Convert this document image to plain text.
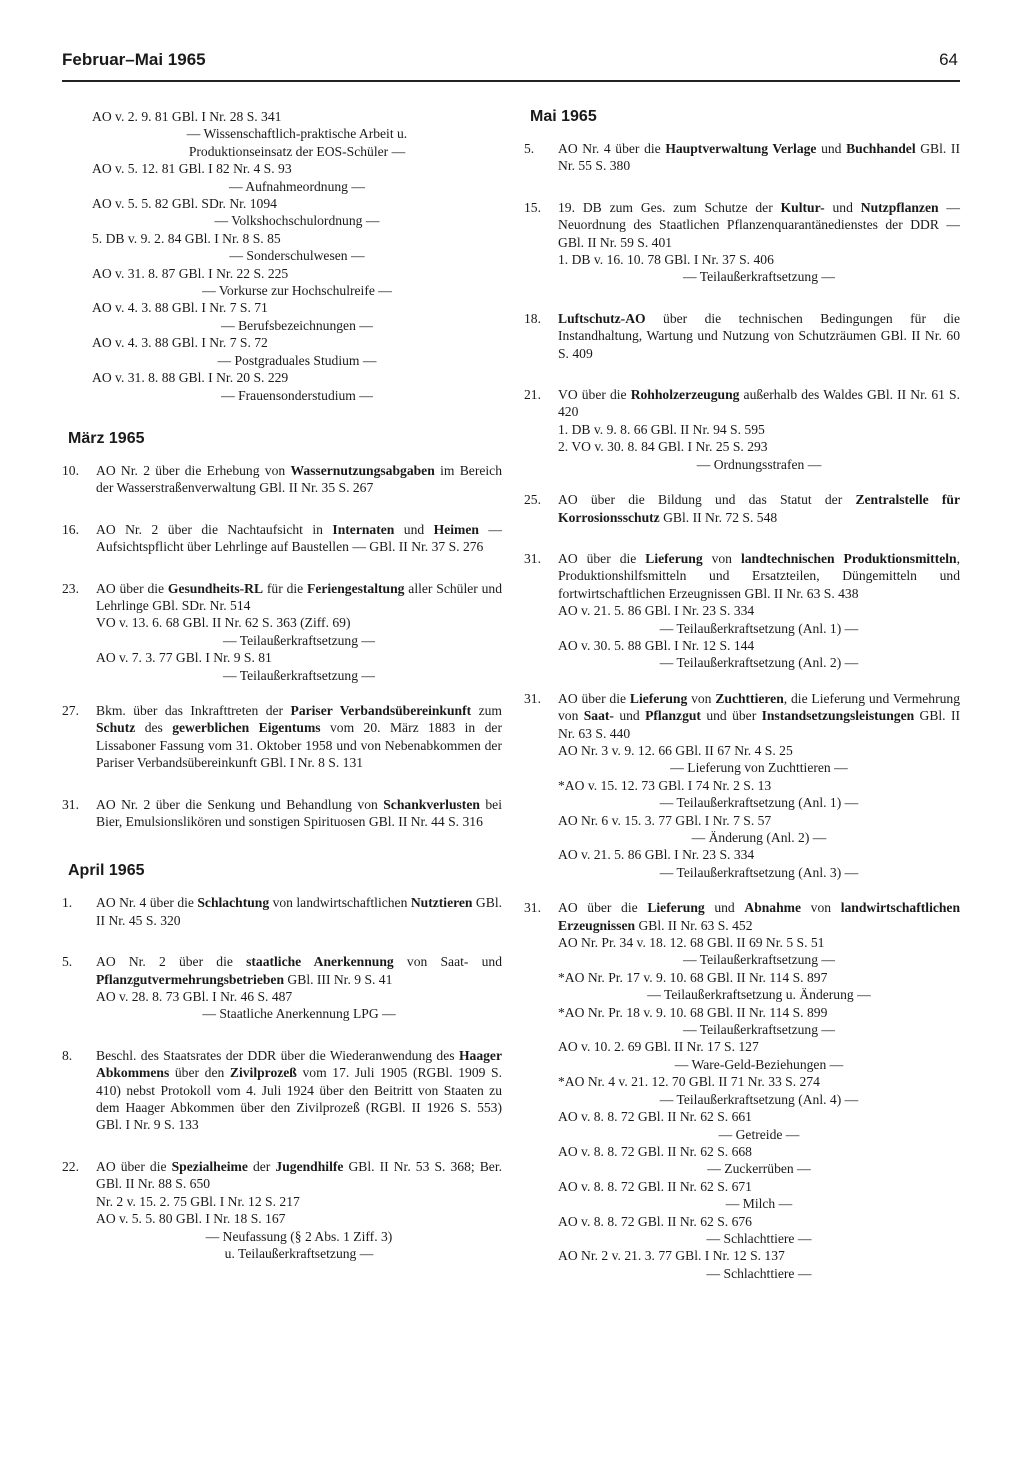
Februar–Mai 1965	64
AO v. 2. 9. 81 GBl. I Nr. 28 S. 341
— Wissenschaftlich-praktische Arbeit u.
Produktionseinsatz der EOS-Schüler —
AO v. 5. 12. 81 GBl. I 82 Nr. 4 S. 93
— Aufnahmeordnung —
AO v. 5. 5. 82 GBl. SDr. Nr. 1094
— Volkshochschulordnung —
5. DB v. 9. 2. 84 GBl. I Nr. 8 S. 85
— Sonderschulwesen —
AO v. 31. 8. 87 GBl. I Nr. 22 S. 225
— Vorkurse zur Hochschulreife —
AO v. 4. 3. 88 GBl. I Nr. 7 S. 71
— Berufsbezeichnungen —
AO v. 4. 3. 88 GBl. I Nr. 7 S. 72
— Postgraduales Studium —
AO v. 31. 8. 88 GBl. I Nr. 20 S. 229
— Frauensonderstudium —
März 1965
10.	AO Nr. 2 über die Erhebung von Wassernutzungsabgaben im Bereich der Wasserstraßenverwaltung GBl. II Nr. 35 S. 267
16.	AO Nr. 2 über die Nachtaufsicht in Internaten und Heimen — Aufsichtspflicht über Lehrlinge auf Baustellen — GBl. II Nr. 37 S. 276
23.	AO über die Gesundheits-RL für die Feriengestaltung aller Schüler und Lehrlinge GBl. SDr. Nr. 514
VO v. 13. 6. 68 GBl. II Nr. 62 S. 363 (Ziff. 69)
— Teilaußerkraftsetzung —
AO v. 7. 3. 77 GBl. I Nr. 9 S. 81
— Teilaußerkraftsetzung —
27.	Bkm. über das Inkrafttreten der Pariser Verbandsübereinkunft zum Schutz des gewerblichen Eigentums vom 20. März 1883 in der Lissaboner Fassung vom 31. Oktober 1958 und von Nebenabkommen der Pariser Verbandsübereinkunft GBl. I Nr. 8 S. 131
31.	AO Nr. 2 über die Senkung und Behandlung von Schankverlusten bei Bier, Emulsionslikören und sonstigen Spirituosen GBl. II Nr. 44 S. 316
April 1965
1.	AO Nr. 4 über die Schlachtung von landwirtschaftlichen Nutztieren GBl. II Nr. 45 S. 320
5.	AO Nr. 2 über die staatliche Anerkennung von Saat- und Pflanzgutvermehrungsbetrieben GBl. III Nr. 9 S. 41
AO v. 28. 8. 73 GBl. I Nr. 46 S. 487
— Staatliche Anerkennung LPG —
8.	Beschl. des Staatsrates der DDR über die Wiederanwendung des Haager Abkommens über den Zivilprozeß vom 17. Juli 1905 (RGBl. 1909 S. 410) nebst Protokoll vom 4. Juli 1924 über den Beitritt von Staaten zu dem Haager Abkommen über den Zivilprozeß (RGBl. II 1926 S. 553) GBl. I Nr. 9 S. 133
22.	AO über die Spezialheime der Jugendhilfe GBl. II Nr. 53 S. 368; Ber. GBl. II Nr. 88 S. 650
Nr. 2 v. 15. 2. 75 GBl. I Nr. 12 S. 217
AO v. 5. 5. 80 GBl. I Nr. 18 S. 167
— Neufassung (§ 2 Abs. 1 Ziff. 3)
u. Teilaußerkraftsetzung —
Mai 1965
5.	AO Nr. 4 über die Hauptverwaltung Verlage und Buchhandel GBl. II Nr. 55 S. 380
15.	19. DB zum Ges. zum Schutze der Kultur- und Nutzpflanzen — Neuordnung des Staatlichen Pflanzenquarantänedienstes der DDR — GBl. II Nr. 59 S. 401
1. DB v. 16. 10. 78 GBl. I Nr. 37 S. 406
— Teilaußerkraftsetzung —
18.	Luftschutz-AO über die technischen Bedingungen für die Instandhaltung, Wartung und Nutzung von Schutzräumen GBl. II Nr. 60 S. 409
21.	VO über die Rohholzerzeugung außerhalb des Waldes GBl. II Nr. 61 S. 420
1. DB v. 9. 8. 66 GBl. II Nr. 94 S. 595
2. VO v. 30. 8. 84 GBl. I Nr. 25 S. 293
— Ordnungsstrafen —
25.	AO über die Bildung und das Statut der Zentralstelle für Korrosionsschutz GBl. II Nr. 72 S. 548
31.	AO über die Lieferung von landtechnischen Produktionsmitteln, Produktionshilfsmitteln und Ersatzteilen, Düngemitteln und fortwirtschaftlichen Erzeugnissen GBl. II Nr. 63 S. 438
AO v. 21. 5. 86 GBl. I Nr. 23 S. 334
— Teilaußerkraftsetzung (Anl. 1) —
AO v. 30. 5. 88 GBl. I Nr. 12 S. 144
— Teilaußerkraftsetzung (Anl. 2) —
31.	AO über die Lieferung von Zuchttieren, die Lieferung und Vermehrung von Saat- und Pflanzgut und über Instandsetzungsleistungen GBl. II Nr. 63 S. 440
AO Nr. 3 v. 9. 12. 66 GBl. II 67 Nr. 4 S. 25
— Lieferung von Zuchttieren —
*AO v. 15. 12. 73 GBl. I 74 Nr. 2 S. 13
— Teilaußerkraftsetzung (Anl. 1) —
AO Nr. 6 v. 15. 3. 77 GBl. I Nr. 7 S. 57
— Änderung (Anl. 2) —
AO v. 21. 5. 86 GBl. I Nr. 23 S. 334
— Teilaußerkraftsetzung (Anl. 3) —
31.	AO über die Lieferung und Abnahme von landwirtschaftlichen Erzeugnissen GBl. II Nr. 63 S. 452
AO Nr. Pr. 34 v. 18. 12. 68 GBl. II 69 Nr. 5 S. 51
— Teilaußerkraftsetzung —
*AO Nr. Pr. 17 v. 9. 10. 68 GBl. II Nr. 114 S. 897
— Teilaußerkraftsetzung u. Änderung —
*AO Nr. Pr. 18 v. 9. 10. 68 GBl. II Nr. 114 S. 899
— Teilaußerkraftsetzung —
AO v. 10. 2. 69 GBl. II Nr. 17 S. 127
— Ware-Geld-Beziehungen —
*AO Nr. 4 v. 21. 12. 70 GBl. II 71 Nr. 33 S. 274
— Teilaußerkraftsetzung (Anl. 4) —
AO v. 8. 8. 72 GBl. II Nr. 62 S. 661
— Getreide —
AO v. 8. 8. 72 GBl. II Nr. 62 S. 668
— Zuckerrüben —
AO v. 8. 8. 72 GBl. II Nr. 62 S. 671
— Milch —
AO v. 8. 8. 72 GBl. II Nr. 62 S. 676
— Schlachttiere —
AO Nr. 2 v. 21. 3. 77 GBl. I Nr. 12 S. 137
— Schlachttiere —
